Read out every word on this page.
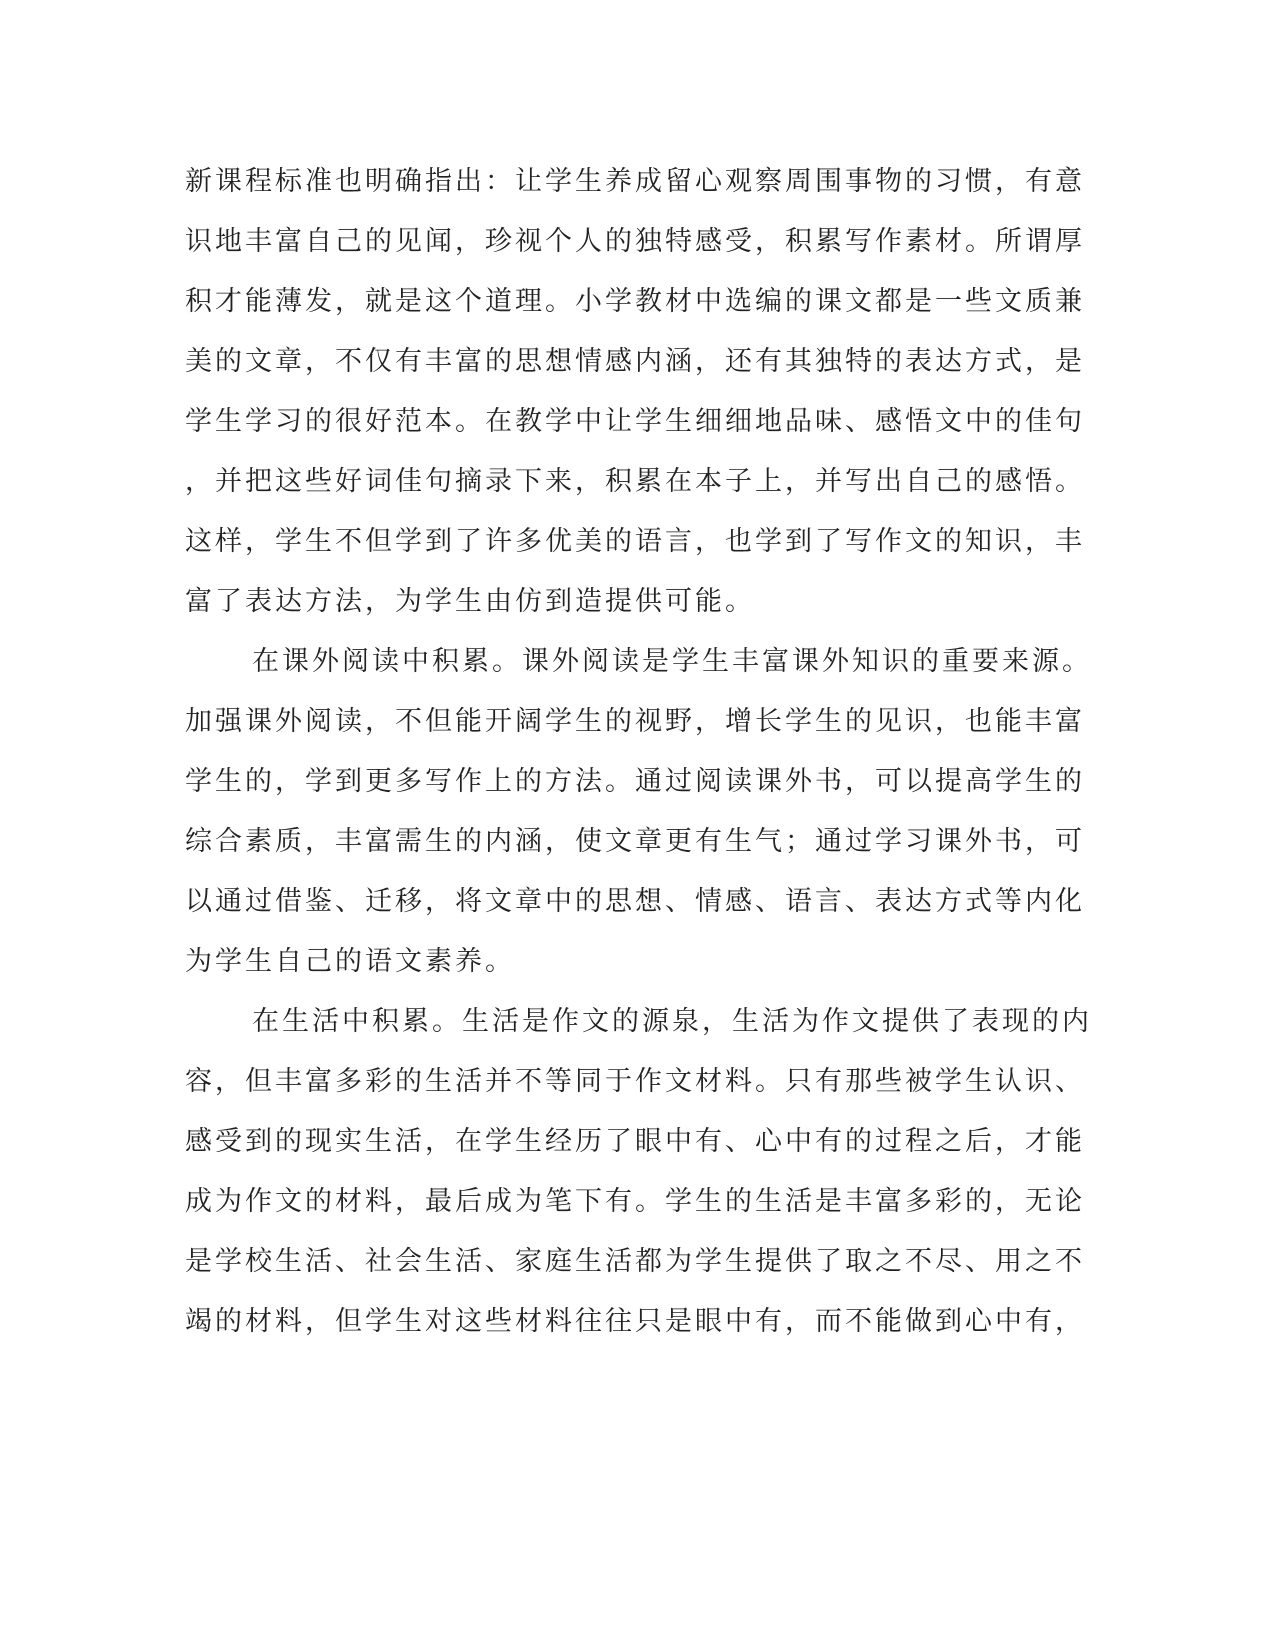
新课程标准也明确指出：让学生养成留心观察周围事物的习惯，有意
识地丰富自己的见闻，珍视个人的独特感受，积累写作素材。所谓厚
积才能薄发，就是这个道理。小学教材中选编的课文都是一些文质兼
美的文章，不仅有丰富的思想情感内涵，还有其独特的表达方式，是
学生学习的很好范本。在教学中让学生细细地品味、感悟文中的佳句
，并把这些好词佳句摘录下来，积累在本子上，并写出自己的感悟。
这样，学生不但学到了许多优美的语言，也学到了写作文的知识，丰
富了表达方法，为学生由仿到造提供可能。
在课外阅读中积累。课外阅读是学生丰富课外知识的重要来源。
加强课外阅读，不但能开阔学生的视野，增长学生的见识，也能丰富
学生的，学到更多写作上的方法。通过阅读课外书，可以提高学生的
综合素质，丰富需生的内涵，使文章更有生气；通过学习课外书，可
以通过借鉴、迁移，将文章中的思想、情感、语言、表达方式等内化
为学生自己的语文素养。
在生活中积累。生活是作文的源泉，生活为作文提供了表现的内
容，但丰富多彩的生活并不等同于作文材料。只有那些被学生认识、
感受到的现实生活，在学生经历了眼中有、心中有的过程之后，才能
成为作文的材料，最后成为笔下有。学生的生活是丰富多彩的，无论
是学校生活、社会生活、家庭生活都为学生提供了取之不尽、用之不
竭的材料，但学生对这些材料往往只是眼中有，而不能做到心中有，
